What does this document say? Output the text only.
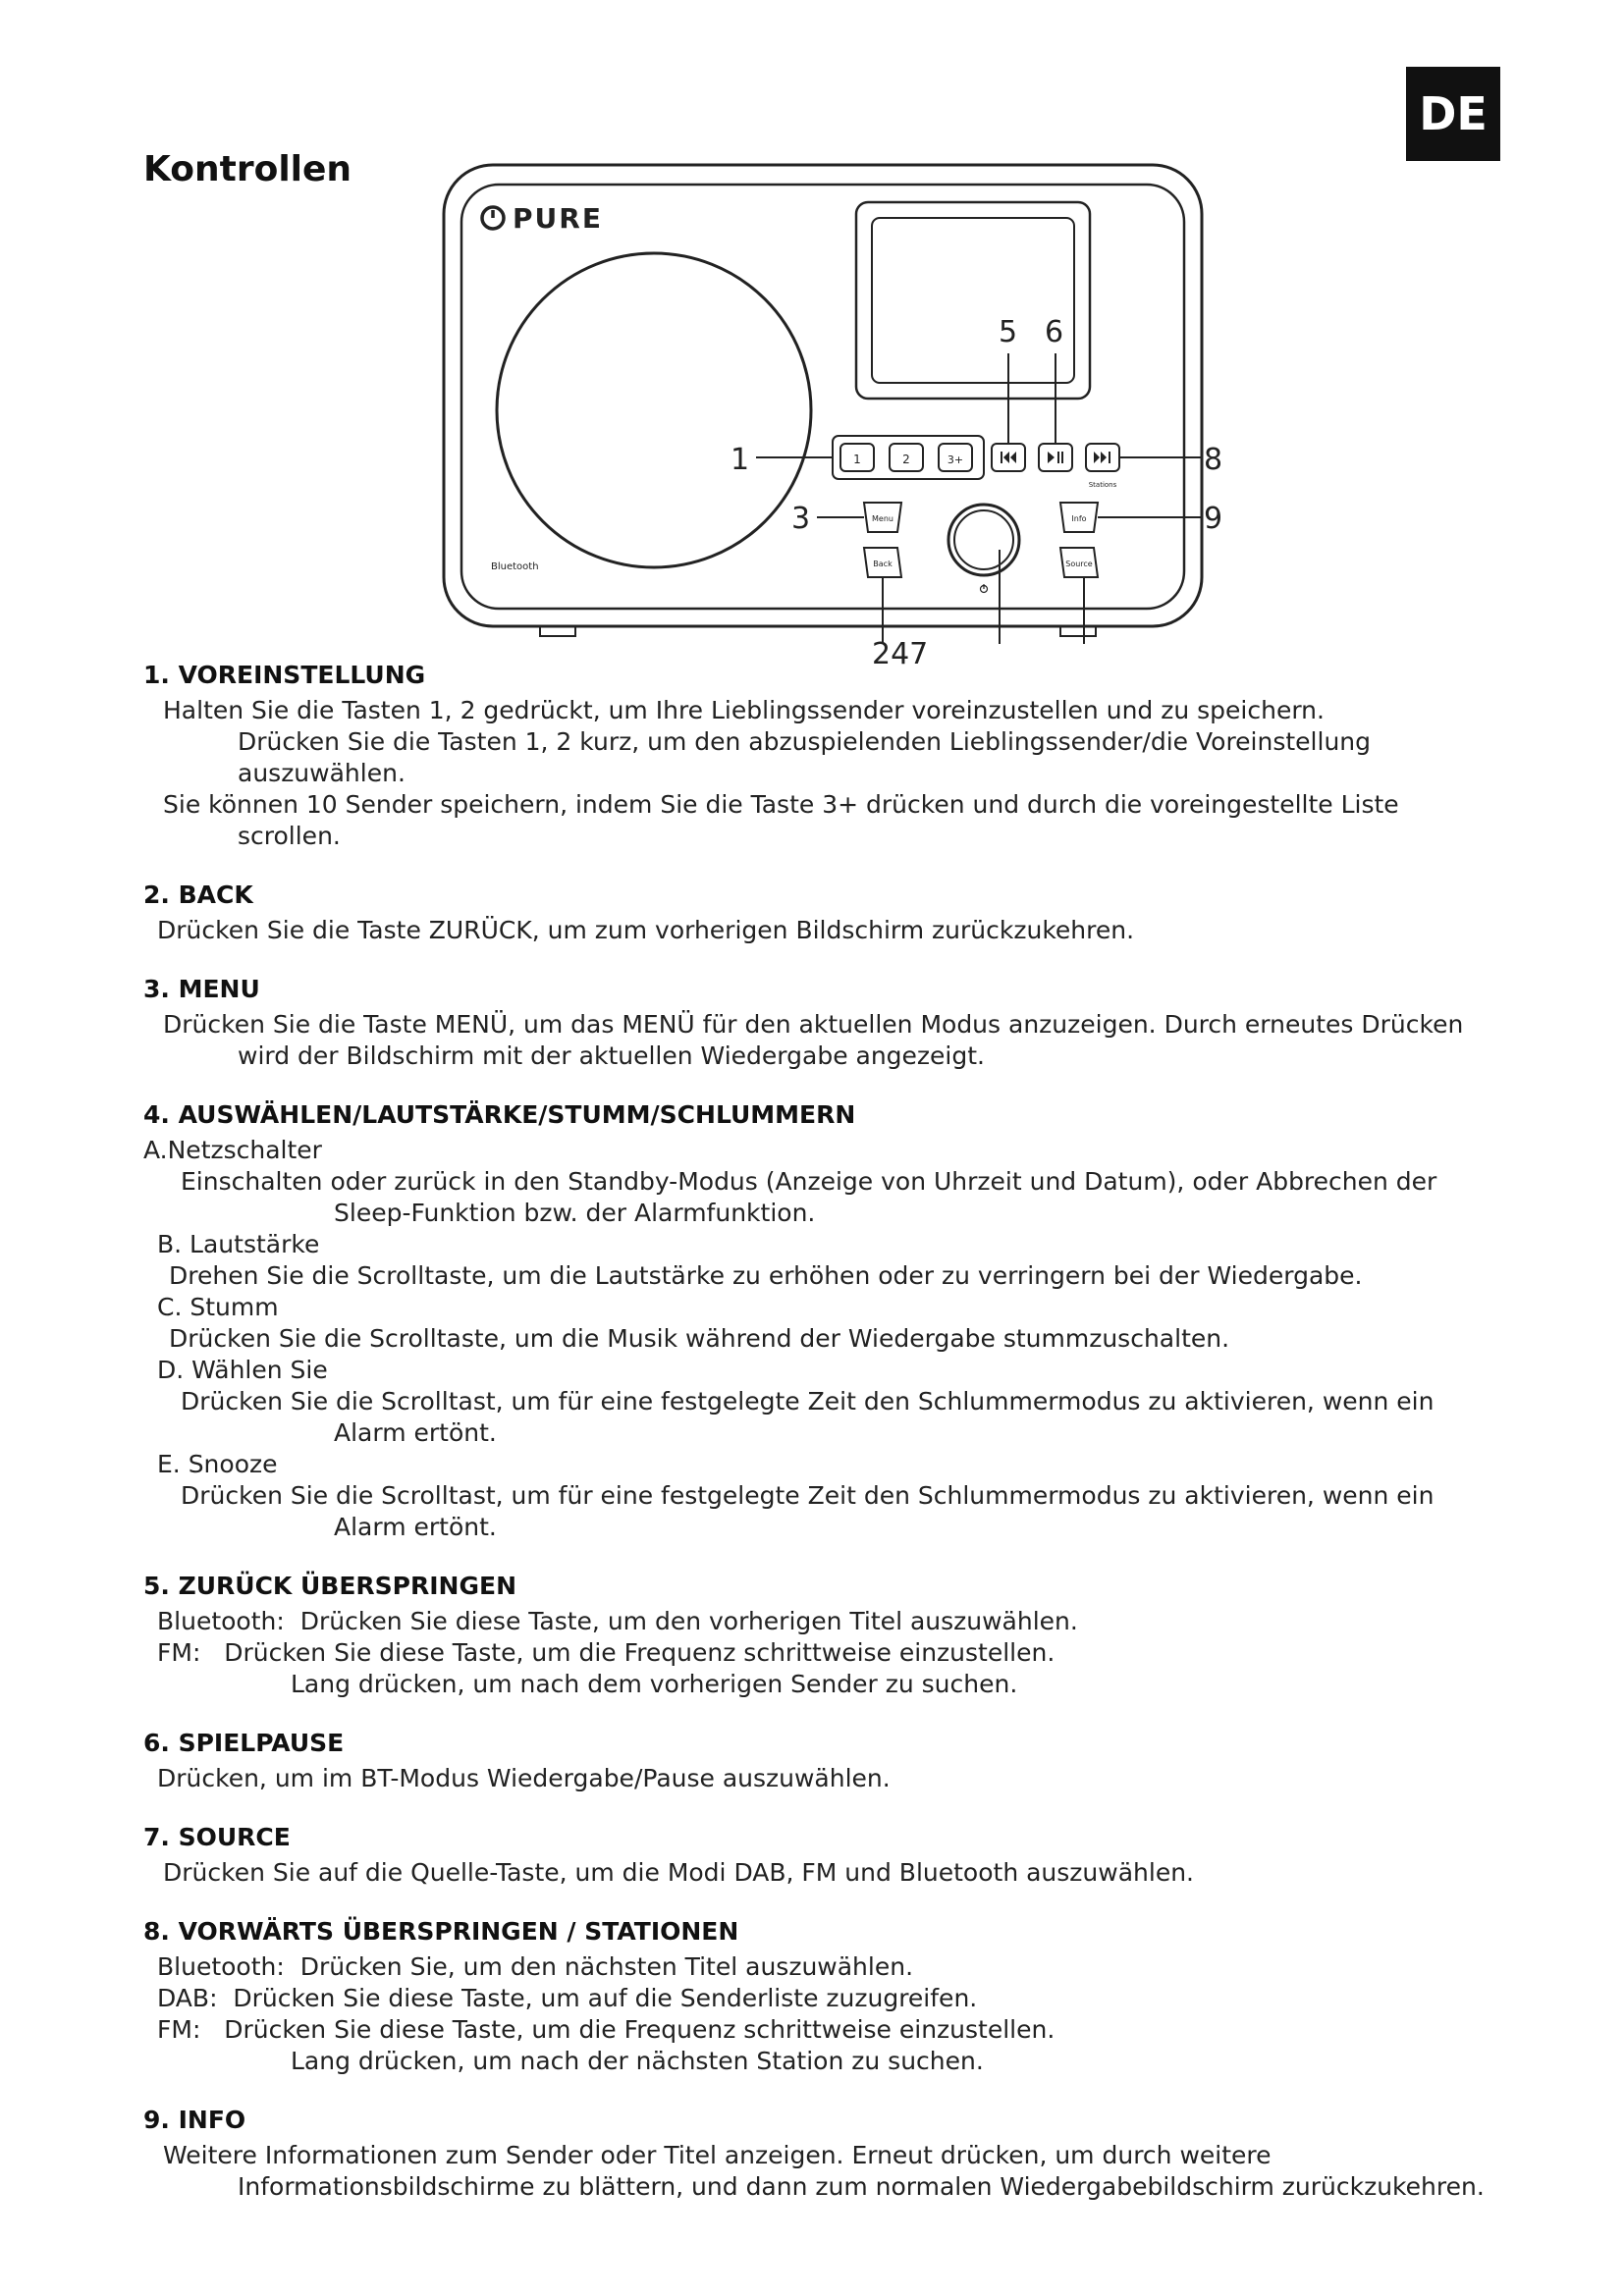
DE
Kontrollen
PURE
Bluetooth
1	2	3+
Stations
Menu
Back
Info
Source
1
3
5 6
8
9
247
1. VOREINSTELLUNG

Halten Sie die Tasten 1, 2 gedrückt, um Ihre Lieblingssender voreinzustellen und zu speichern.

Drücken Sie die Tasten 1, 2 kurz, um den abzuspielenden Lieblingssender/die Voreinstellung auszuwählen.

Sie können 10 Sender speichern, indem Sie die Taste 3+ drücken und durch die voreingestellte Liste scrollen.

2. BACK

Drücken Sie die Taste ZURÜCK, um zum vorherigen Bildschirm zurückzukehren.

3. MENU

Drücken Sie die Taste MENÜ, um das MENÜ für den aktuellen Modus anzuzeigen. Durch erneutes Drücken wird der Bildschirm mit der aktuellen Wiedergabe angezeigt.

4. AUSWÄHLEN/LAUTSTÄRKE/STUMM/SCHLUMMERN

A.Netzschalter

Einschalten oder zurück in den Standby-Modus (Anzeige von Uhrzeit und Datum), oder Abbrechen der Sleep-Funktion bzw. der Alarmfunktion.

B. Lautstärke

Drehen Sie die Scrolltaste, um die Lautstärke zu erhöhen oder zu verringern bei der Wiedergabe.

C. Stumm

Drücken Sie die Scrolltaste, um die Musik während der Wiedergabe stummzuschalten.

D. Wählen Sie

Drücken Sie die Scrolltast, um für eine festgelegte Zeit den Schlummermodus zu aktivieren, wenn ein Alarm ertönt.

E. Snooze

Drücken Sie die Scrolltast, um für eine festgelegte Zeit den Schlummermodus zu aktivieren, wenn ein Alarm ertönt.

5. ZURÜCK ÜBERSPRINGEN

Bluetooth: Drücken Sie diese Taste, um den vorherigen Titel auszuwählen.

FM: Drücken Sie diese Taste, um die Frequenz schrittweise einzustellen.

Lang drücken, um nach dem vorherigen Sender zu suchen.

6. SPIELPAUSE

Drücken, um im BT-Modus Wiedergabe/Pause auszuwählen.

7. SOURCE

Drücken Sie auf die Quelle-Taste, um die Modi DAB, FM und Bluetooth auszuwählen.

8. VORWÄRTS ÜBERSPRINGEN / STATIONEN

Bluetooth: Drücken Sie, um den nächsten Titel auszuwählen.

DAB: Drücken Sie diese Taste, um auf die Senderliste zuzugreifen.

FM: Drücken Sie diese Taste, um die Frequenz schrittweise einzustellen.

Lang drücken, um nach der nächsten Station zu suchen.

9. INFO

Weitere Informationen zum Sender oder Titel anzeigen. Erneut drücken, um durch weitere Informationsbildschirme zu blättern, und dann zum normalen Wiedergabebildschirm zurückzukehren.
